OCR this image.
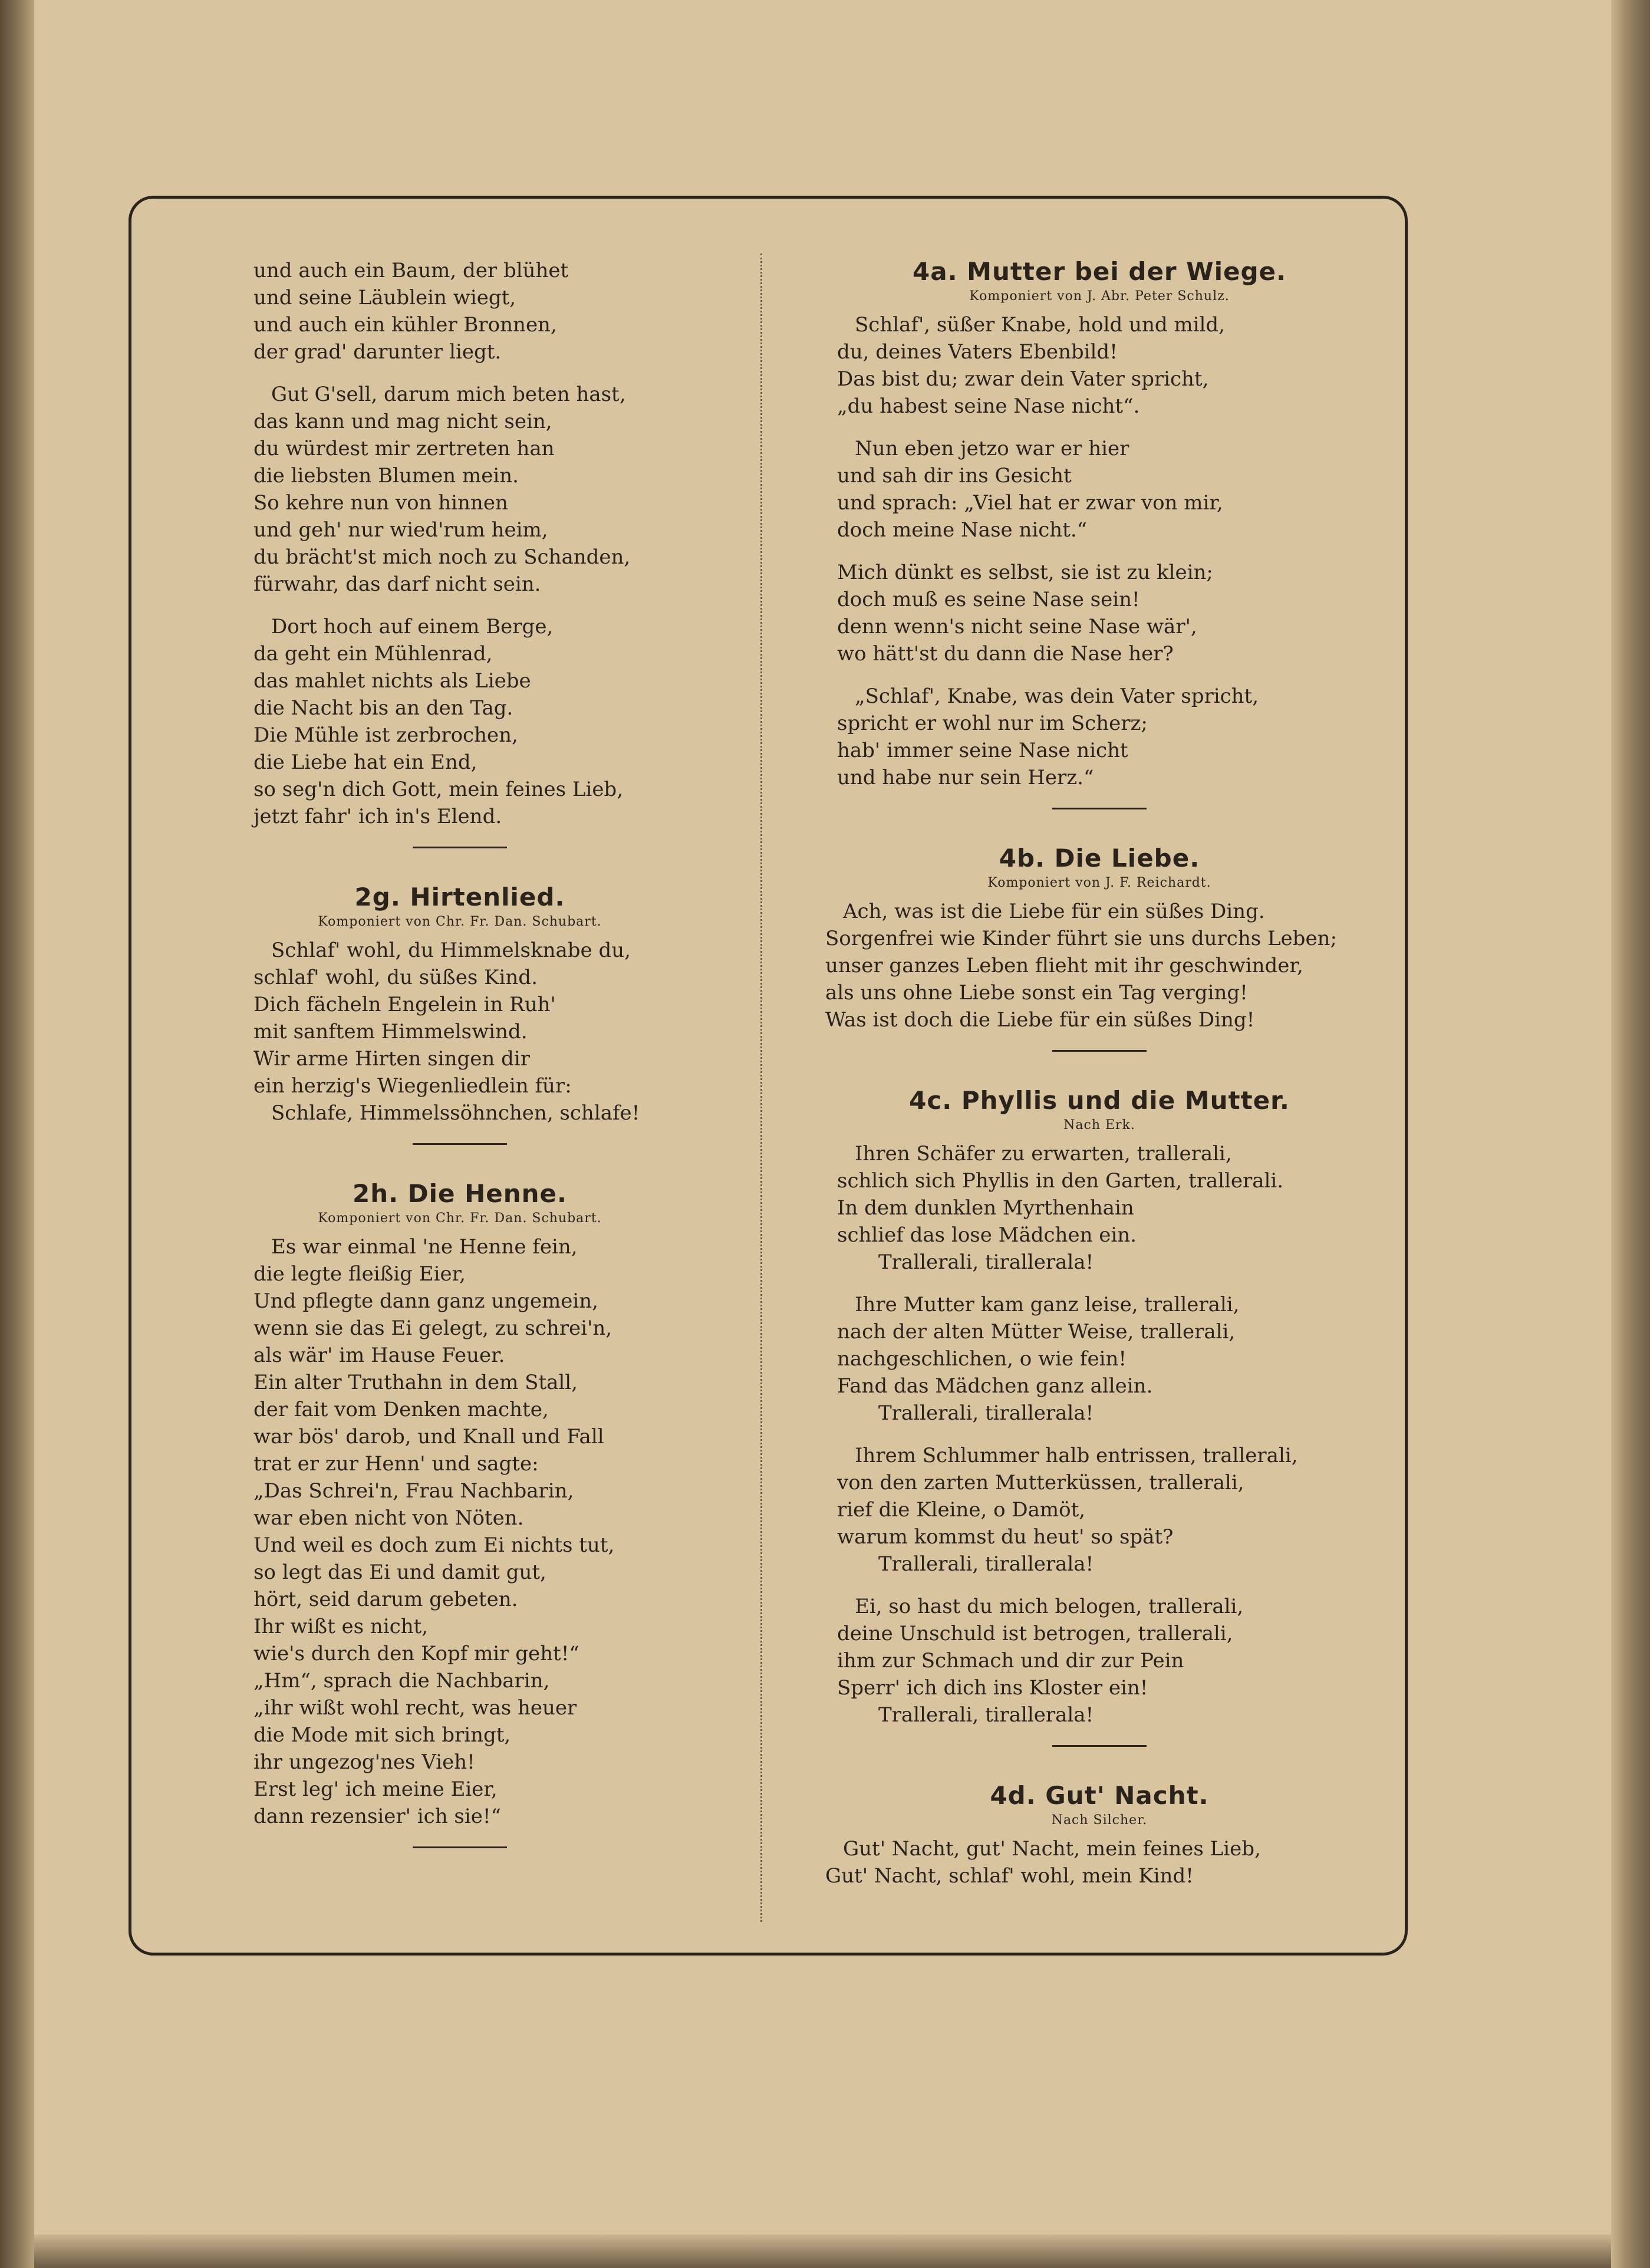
und auch ein Baum, der blühet
und seine Läublein wiegt,
und auch ein kühler Bronnen,
der grad' darunter liegt.
Gut G'sell, darum mich beten hast,
das kann und mag nicht sein,
du würdest mir zertreten han
die liebsten Blumen mein.
So kehre nun von hinnen
und geh' nur wied'rum heim,
du brächt'st mich noch zu Schanden,
fürwahr, das darf nicht sein.
Dort hoch auf einem Berge,
da geht ein Mühlenrad,
das mahlet nichts als Liebe
die Nacht bis an den Tag.
Die Mühle ist zerbrochen,
die Liebe hat ein End,
so seg'n dich Gott, mein feines Lieb,
jetzt fahr' ich in's Elend.
2g. Hirtenlied.

Komponiert von Chr. Fr. Dan. Schubart.

Schlaf' wohl, du Himmelsknabe du,
schlaf' wohl, du süßes Kind.
Dich fächeln Engelein in Ruh'
mit sanftem Himmelswind.
Wir arme Hirten singen dir
ein herzig's Wiegenliedlein für:
Schlafe, Himmelssöhnchen, schlafe!
2h. Die Henne.

Komponiert von Chr. Fr. Dan. Schubart.

Es war einmal 'ne Henne fein,
die legte fleißig Eier,
Und pflegte dann ganz ungemein,
wenn sie das Ei gelegt, zu schrei'n,
als wär' im Hause Feuer.
Ein alter Truthahn in dem Stall,
der fait vom Denken machte,
war bös' darob, und Knall und Fall
trat er zur Henn' und sagte:
„Das Schrei'n, Frau Nachbarin,
war eben nicht von Nöten.
Und weil es doch zum Ei nichts tut,
so legt das Ei und damit gut,
hört, seid darum gebeten.
Ihr wißt es nicht,
wie's durch den Kopf mir geht!“
„Hm“, sprach die Nachbarin,
„ihr wißt wohl recht, was heuer
die Mode mit sich bringt,
ihr ungezog'nes Vieh!
Erst leg' ich meine Eier,
dann rezensier' ich sie!“
4a. Mutter bei der Wiege.

Komponiert von J. Abr. Peter Schulz.

Schlaf', süßer Knabe, hold und mild,
du, deines Vaters Ebenbild!
Das bist du; zwar dein Vater spricht,
„du habest seine Nase nicht“.
Nun eben jetzo war er hier
und sah dir ins Gesicht
und sprach: „Viel hat er zwar von mir,
doch meine Nase nicht.“
Mich dünkt es selbst, sie ist zu klein;
doch muß es seine Nase sein!
denn wenn's nicht seine Nase wär',
wo hätt'st du dann die Nase her?
„Schlaf', Knabe, was dein Vater spricht,
spricht er wohl nur im Scherz;
hab' immer seine Nase nicht
und habe nur sein Herz.“
4b. Die Liebe.

Komponiert von J. F. Reichardt.

Ach, was ist die Liebe für ein süßes Ding.
Sorgenfrei wie Kinder führt sie uns durchs Leben;
unser ganzes Leben flieht mit ihr geschwinder,
als uns ohne Liebe sonst ein Tag verging!
Was ist doch die Liebe für ein süßes Ding!
4c. Phyllis und die Mutter.

Nach Erk.

Ihren Schäfer zu erwarten, trallerali,
schlich sich Phyllis in den Garten, trallerali.
In dem dunklen Myrthenhain
schlief das lose Mädchen ein.
Trallerali, tirallerala!
Ihre Mutter kam ganz leise, trallerali,
nach der alten Mütter Weise, trallerali,
nachgeschlichen, o wie fein!
Fand das Mädchen ganz allein.
Trallerali, tirallerala!
Ihrem Schlummer halb entrissen, trallerali,
von den zarten Mutterküssen, trallerali,
rief die Kleine, o Damöt,
warum kommst du heut' so spät?
Trallerali, tirallerala!
Ei, so hast du mich belogen, trallerali,
deine Unschuld ist betrogen, trallerali,
ihm zur Schmach und dir zur Pein
Sperr' ich dich ins Kloster ein!
Trallerali, tirallerala!
4d. Gut' Nacht.

Nach Silcher.

Gut' Nacht, gut' Nacht, mein feines Lieb,
Gut' Nacht, schlaf' wohl, mein Kind!
